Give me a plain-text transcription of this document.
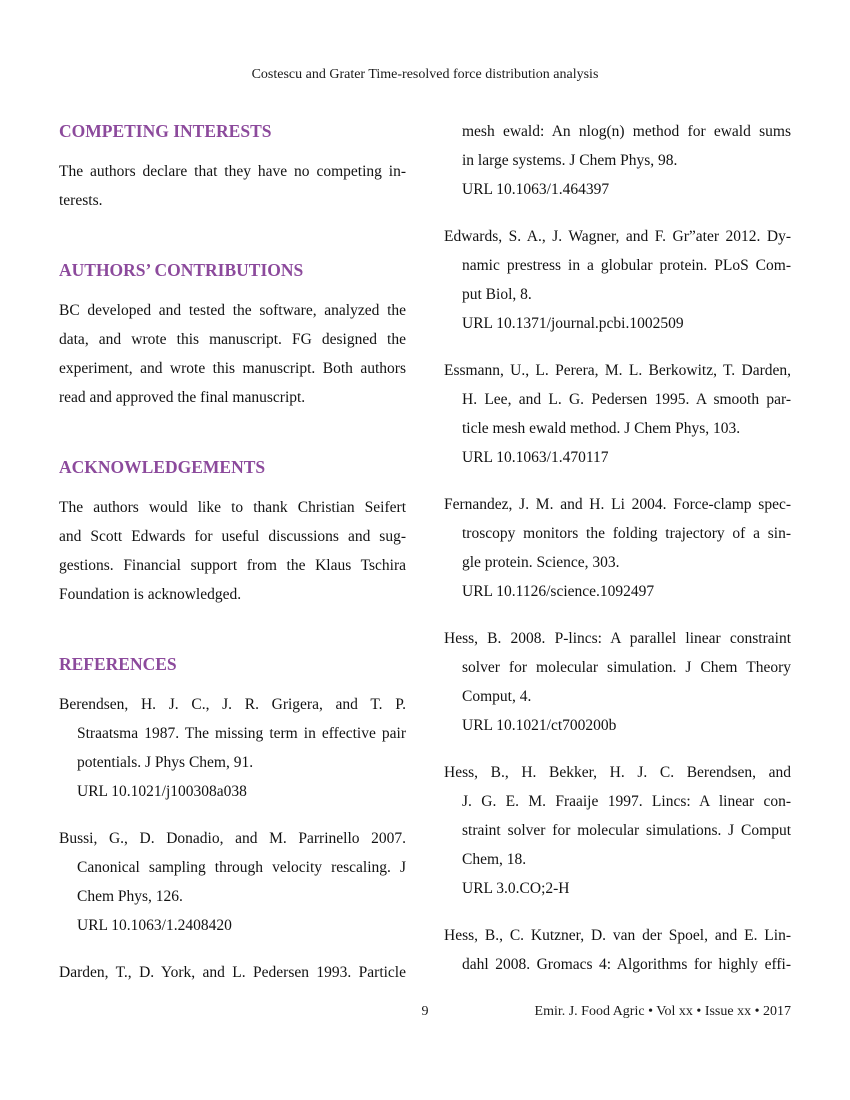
Costescu and Grater Time-resolved force distribution analysis
COMPETING INTERESTS

The authors declare that they have no competing in-
terests.

AUTHORS’ CONTRIBUTIONS

BC developed and tested the software, analyzed the
data, and wrote this manuscript. FG designed the
experiment, and wrote this manuscript. Both authors
read and approved the final manuscript.

ACKNOWLEDGEMENTS

The authors would like to thank Christian Seifert
and Scott Edwards for useful discussions and sug-
gestions. Financial support from the Klaus Tschira
Foundation is acknowledged.

REFERENCES

Berendsen, H. J. C., J. R. Grigera, and T. P.
Straatsma 1987. The missing term in effective pair
potentials. J Phys Chem, 91.
URL 10.1021/j100308a038

Bussi, G., D. Donadio, and M. Parrinello 2007.
Canonical sampling through velocity rescaling. J
Chem Phys, 126.
URL 10.1063/1.2408420

Darden, T., D. York, and L. Pedersen 1993. Particle

mesh ewald: An nlog(n) method for ewald sums
in large systems. J Chem Phys, 98.
URL 10.1063/1.464397

Edwards, S. A., J. Wagner, and F. Gr”ater 2012. Dy-
namic prestress in a globular protein. PLoS Com-
put Biol, 8.
URL 10.1371/journal.pcbi.1002509

Essmann, U., L. Perera, M. L. Berkowitz, T. Darden,
H. Lee, and L. G. Pedersen 1995. A smooth par-
ticle mesh ewald method. J Chem Phys, 103.
URL 10.1063/1.470117

Fernandez, J. M. and H. Li 2004. Force-clamp spec-
troscopy monitors the folding trajectory of a sin-
gle protein. Science, 303.
URL 10.1126/science.1092497

Hess, B. 2008. P-lincs: A parallel linear constraint
solver for molecular simulation. J Chem Theory
Comput, 4.
URL 10.1021/ct700200b

Hess, B., H. Bekker, H. J. C. Berendsen, and
J. G. E. M. Fraaije 1997. Lincs: A linear con-
straint solver for molecular simulations. J Comput
Chem, 18.
URL 3.0.CO;2-H

Hess, B., C. Kutzner, D. van der Spoel, and E. Lin-
dahl 2008. Gromacs 4: Algorithms for highly effi-

9	Emir. J. Food Agric • Vol xx • Issue xx • 2017
